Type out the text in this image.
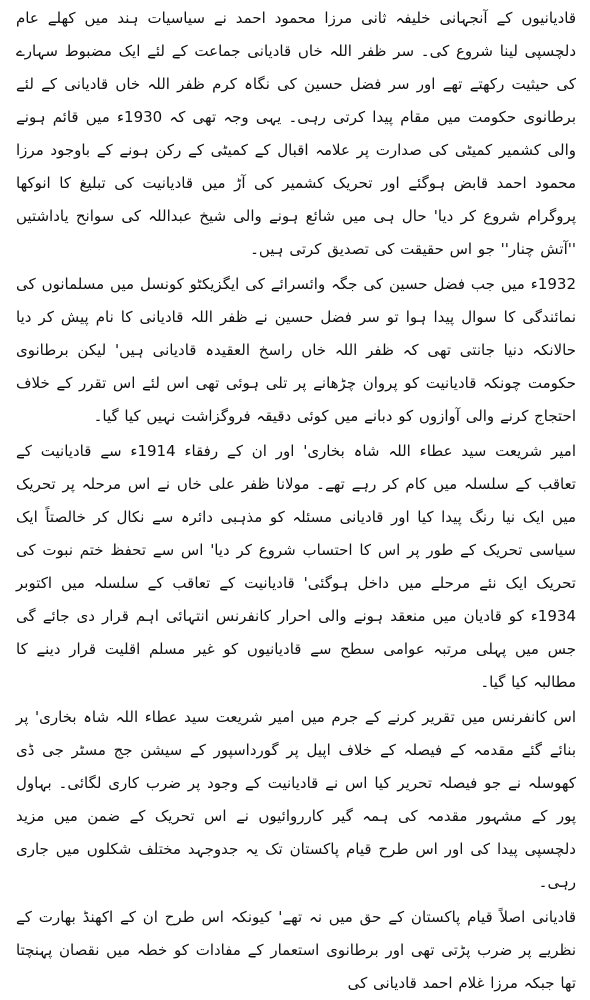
قادیانیوں کے آنجہانی خلیفہ ثانی مرزا محمود احمد نے سیاسیات ہند میں کھلے عام دلچسپی لینا شروع کی۔ سر ظفر اللہ خاں قادیانی جماعت کے لئے ایک مضبوط سہارے کی حیثیت رکھتے تھے اور سر فضل حسین کی نگاہ کرم ظفر اللہ خاں قادیانی کے لئے برطانوی حکومت میں مقام پیدا کرتی رہی۔ یہی وجہ تھی کہ 1930ء میں قائم ہونے والی کشمیر کمیٹی کی صدارت پر علامہ اقبال کے کمیٹی کے رکن ہونے کے باوجود مرزا محمود احمد قابض ہوگئے اور تحریک کشمیر کی آڑ میں قادیانیت کی تبلیغ کا انوکھا پروگرام شروع کر دیا' حال ہی میں شائع ہونے والی شیخ عبداللہ کی سوانح یاداشتیں ''آتش چنار'' جو اس حقیقت کی تصدیق کرتی ہیں۔

1932ء میں جب فضل حسین کی جگہ وائسرائے کی ایگزیکٹو کونسل میں مسلمانوں کی نمائندگی کا سوال پیدا ہوا تو سر فضل حسین نے ظفر اللہ قادیانی کا نام پیش کر دیا حالانکہ دنیا جانتی تھی کہ ظفر اللہ خاں راسخ العقیدہ قادیانی ہیں' لیکن برطانوی حکومت چونکہ قادیانیت کو پروان چڑھانے پر تلی ہوئی تھی اس لئے اس تقرر کے خلاف احتجاج کرنے والی آوازوں کو دبانے میں کوئی دقیقہ فروگزاشت نہیں کیا گیا۔

امیر شریعت سید عطاء اللہ شاہ بخاری' اور ان کے رفقاء 1914ء سے قادیانیت کے تعاقب کے سلسلہ میں کام کر رہے تھے۔ مولانا ظفر علی خاں نے اس مرحلہ پر تحریک میں ایک نیا رنگ پیدا کیا اور قادیانی مسئلہ کو مذہبی دائرہ سے نکال کر خالصتاً ایک سیاسی تحریک کے طور پر اس کا احتساب شروع کر دیا' اس سے تحفظ ختم نبوت کی تحریک ایک نئے مرحلے میں داخل ہوگئی' قادیانیت کے تعاقب کے سلسلہ میں اکتوبر 1934ء کو قادیان میں منعقد ہونے والی احرار کانفرنس انتہائی اہم قرار دی جائے گی جس میں پہلی مرتبہ عوامی سطح سے قادیانیوں کو غیر مسلم اقلیت قرار دینے کا مطالبہ کیا گیا۔

اس کانفرنس میں تقریر کرنے کے جرم میں امیر شریعت سید عطاء اللہ شاہ بخاری' پر بنائے گئے مقدمہ کے فیصلہ کے خلاف اپیل پر گورداسپور کے سیشن جج مسٹر جی ڈی کھوسلہ نے جو فیصلہ تحریر کیا اس نے قادیانیت کے وجود پر ضرب کاری لگائی۔ بہاول پور کے مشہور مقدمہ کی ہمہ گیر کارروائیوں نے اس تحریک کے ضمن میں مزید دلچسپی پیدا کی اور اس طرح قیام پاکستان تک یہ جدوجہد مختلف شکلوں میں جاری رہی۔

قادیانی اصلاً قیام پاکستان کے حق میں نہ تھے' کیونکہ اس طرح ان کے اکھنڈ بھارت کے نظریے پر ضرب پڑتی تھی اور برطانوی استعمار کے مفادات کو خطہ میں نقصان پہنچتا تھا جبکہ مرزا غلام احمد قادیانی کی
